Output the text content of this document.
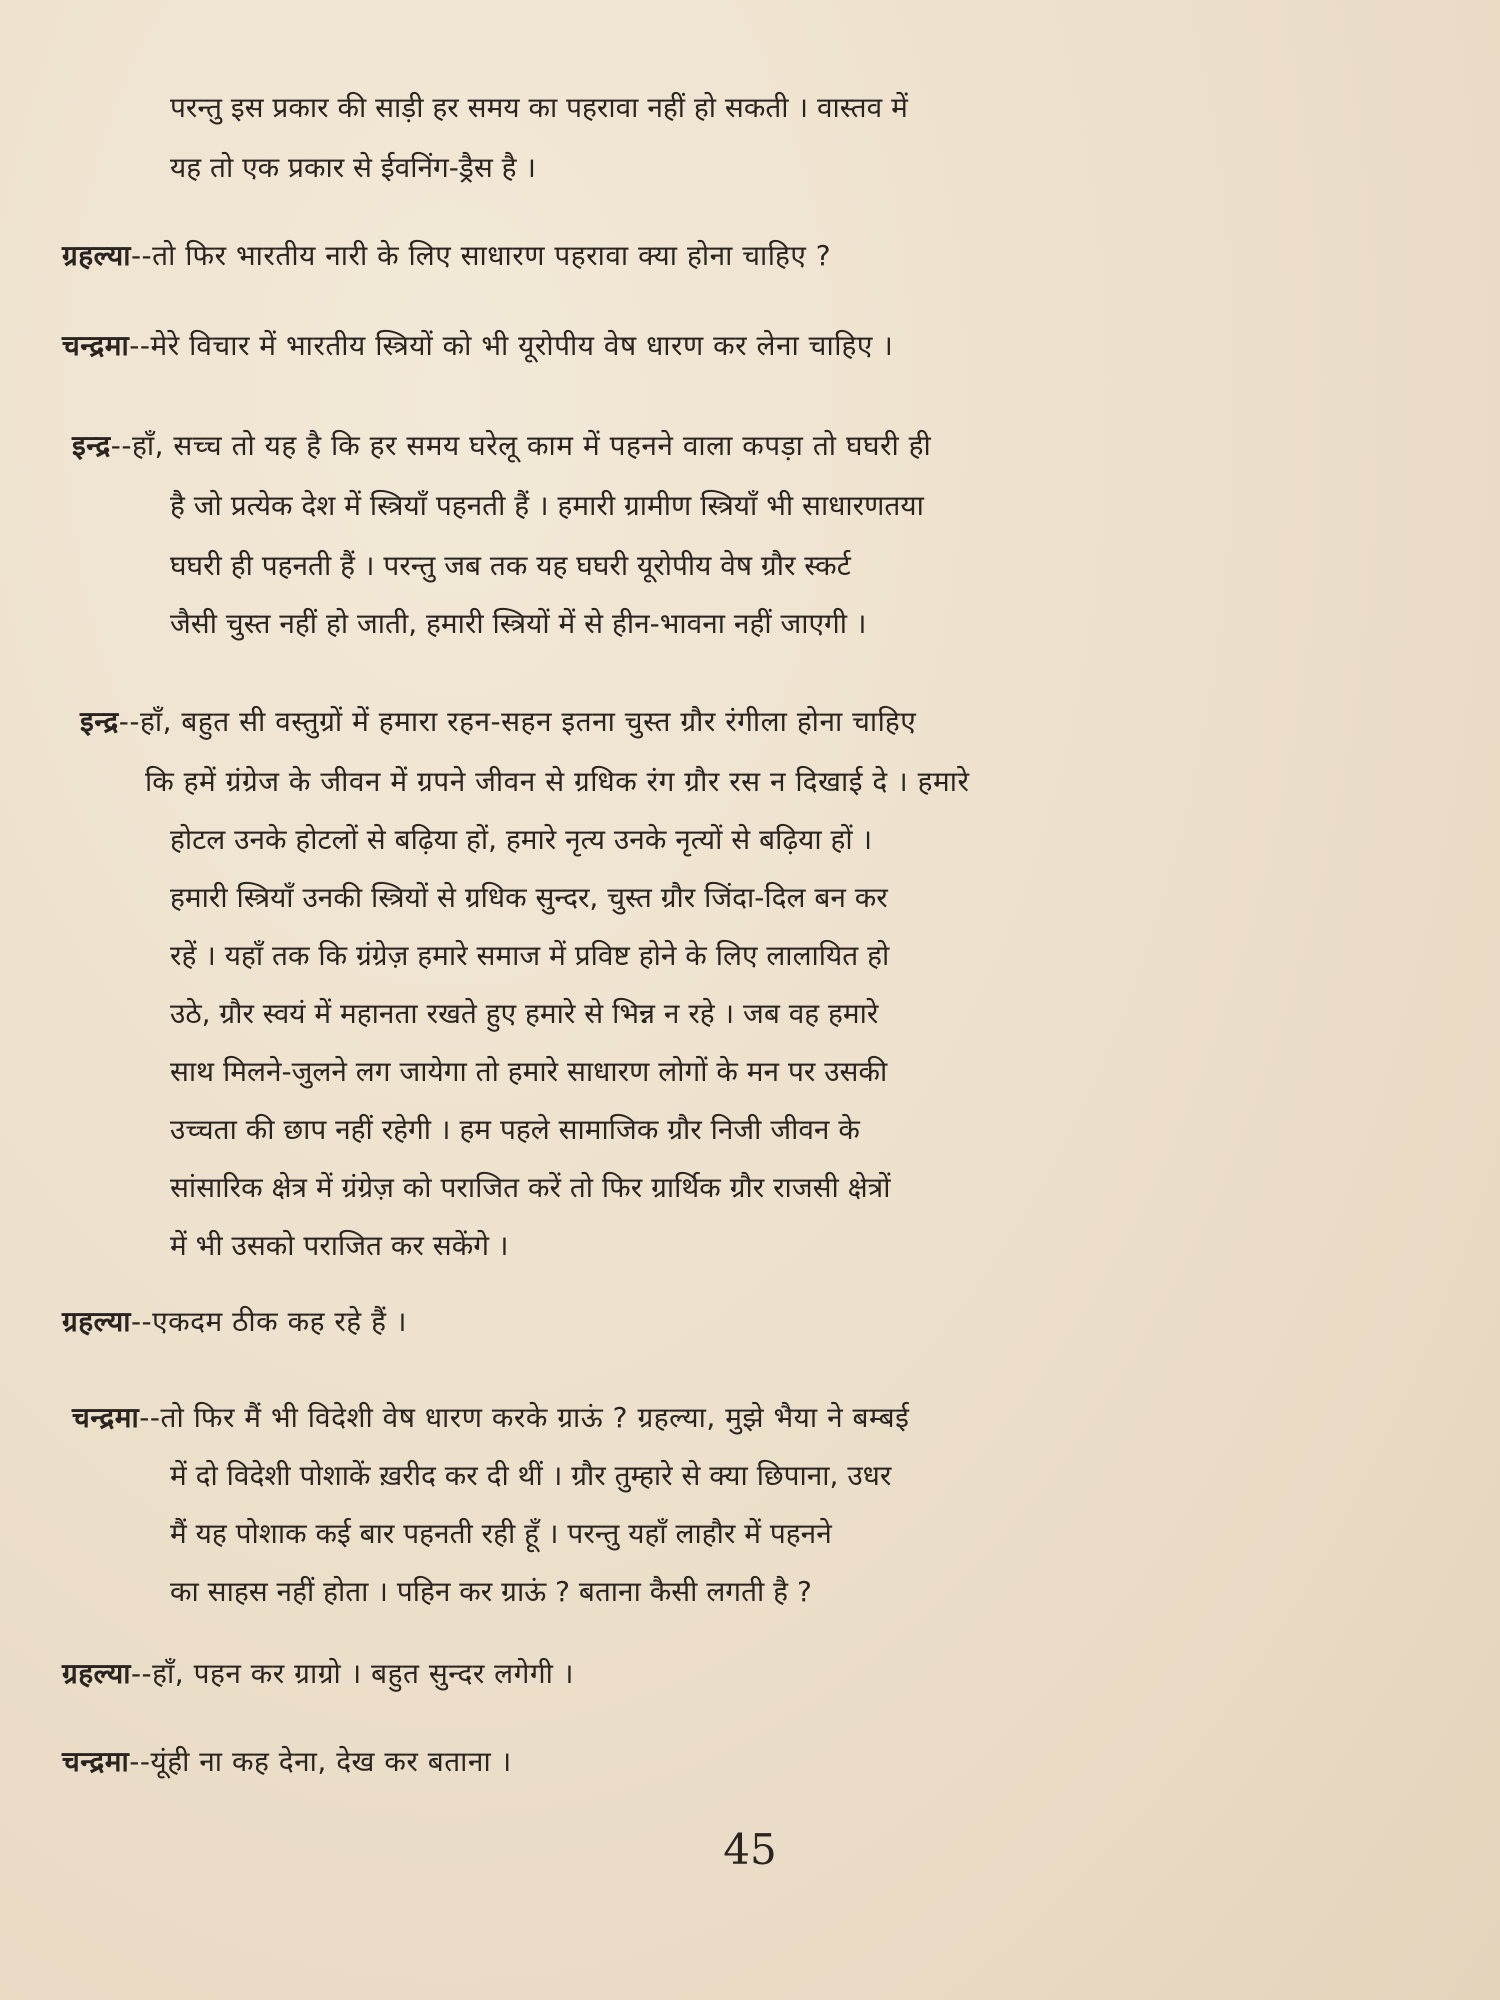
परन्तु इस प्रकार की साड़ी हर समय का पहरावा नहीं हो सकती । वास्तव में
यह तो एक प्रकार से ईवनिंग-ड्रैस है ।
ग्रहल्या--तो फिर भारतीय नारी के लिए साधारण पहरावा क्या होना चाहिए ?
चन्द्रमा--मेरे विचार में भारतीय स्त्रियों को भी यूरोपीय वेष धारण कर लेना चाहिए ।
इन्द्र--हाँ, सच्च तो यह है कि हर समय घरेलू काम में पहनने वाला कपड़ा तो घघरी ही
है जो प्रत्येक देश में स्त्रियाँ पहनती हैं । हमारी ग्रामीण स्त्रियाँ भी साधारणतया
घघरी ही पहनती हैं । परन्तु जब तक यह घघरी यूरोपीय वेष ग्रौर स्कर्ट
जैसी चुस्त नहीं हो जाती, हमारी स्त्रियों में से हीन-भावना नहीं जाएगी ।
इन्द्र--हाँ, बहुत सी वस्तुग्रों में हमारा रहन-सहन इतना चुस्त ग्रौर रंगीला होना चाहिए
कि हमें ग्रंग्रेज के जीवन में ग्रपने जीवन से ग्रधिक रंग ग्रौर रस न दिखाई दे । हमारे
होटल उनके होटलों से बढ़िया हों, हमारे नृत्य उनके नृत्यों से बढ़िया हों ।
हमारी स्त्रियाँ उनकी स्त्रियों से ग्रधिक सुन्दर, चुस्त ग्रौर जिंदा-दिल बन कर
रहें । यहाँ तक कि ग्रंग्रेज़ हमारे समाज में प्रविष्ट होने के लिए लालायित हो
उठे, ग्रौर स्वयं में महानता रखते हुए हमारे से भिन्न न रहे । जब वह हमारे
साथ मिलने-जुलने लग जायेगा तो हमारे साधारण लोगों के मन पर उसकी
उच्चता की छाप नहीं रहेगी । हम पहले सामाजिक ग्रौर निजी जीवन के
सांसारिक क्षेत्र में ग्रंग्रेज़ को पराजित करें तो फिर ग्रार्थिक ग्रौर राजसी क्षेत्रों
में भी उसको पराजित कर सकेंगे ।
ग्रहल्या--एकदम ठीक कह रहे हैं ।
चन्द्रमा--तो फिर मैं भी विदेशी वेष धारण करके ग्राऊं ? ग्रहल्या, मुझे भैया ने बम्बई
में दो विदेशी पोशाकें ख़रीद कर दी थीं । ग्रौर तुम्हारे से क्या छिपाना, उधर
मैं यह पोशाक कई बार पहनती रही हूँ । परन्तु यहाँ लाहौर में पहनने
का साहस नहीं होता । पहिन कर ग्राऊं ? बताना कैसी लगती है ?
ग्रहल्या--हाँ, पहन कर ग्राग्रो । बहुत सुन्दर लगेगी ।
चन्द्रमा--यूंही ना कह देना, देख कर बताना ।
45
